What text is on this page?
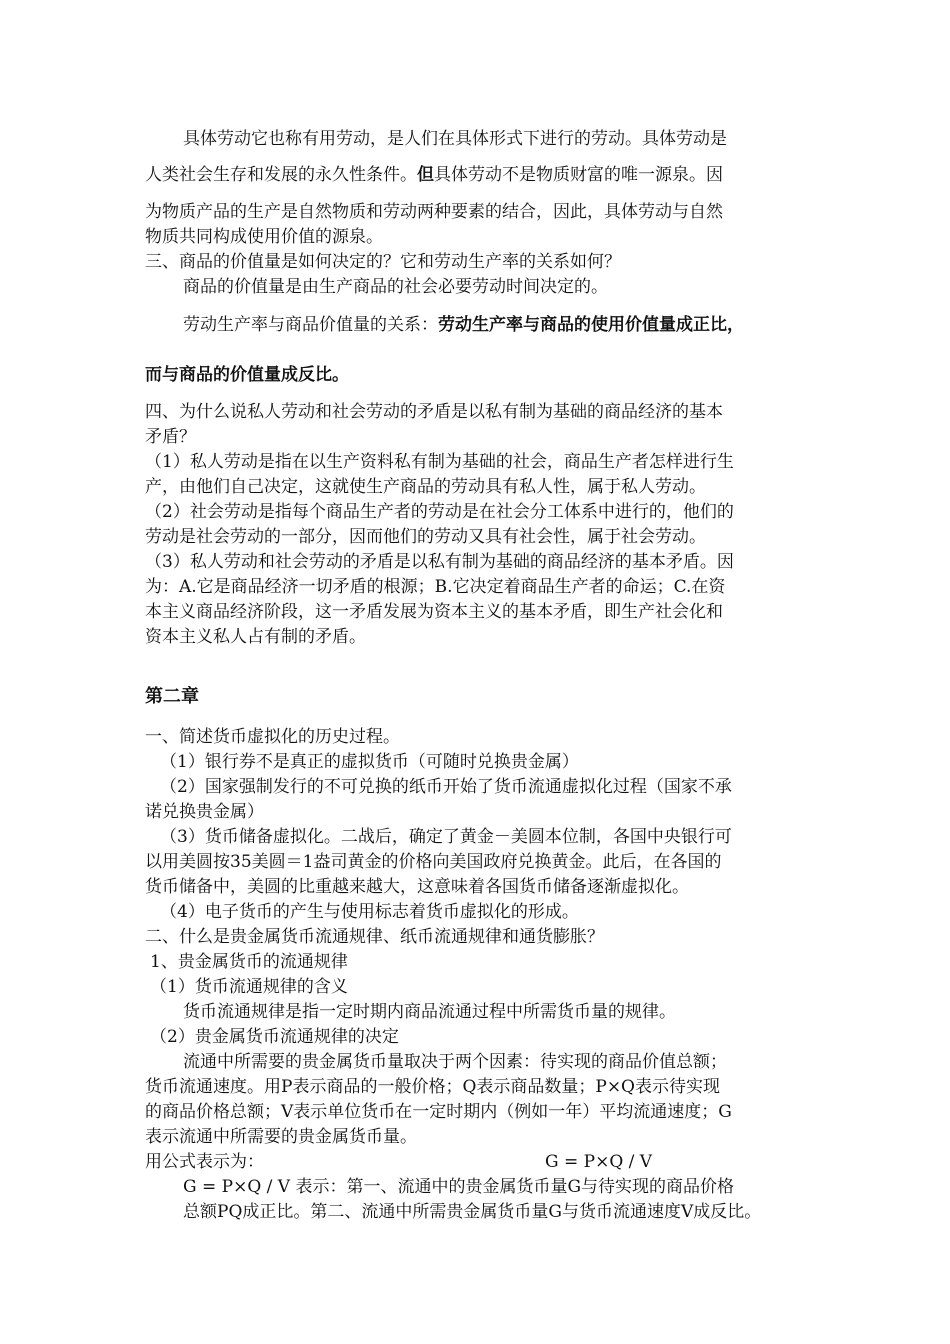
具体劳动它也称有用劳动，是人们在具体形式下进行的劳动。具体劳动是

人类社会生存和发展的永久性条件。但具体劳动不是物质财富的唯一源泉。因

为物质产品的生产是自然物质和劳动两种要素的结合，因此，具体劳动与自然

物质共同构成使用价值的源泉。

三、商品的价值量是如何决定的？它和劳动生产率的关系如何？

商品的价值量是由生产商品的社会必要劳动时间决定的。

劳动生产率与商品价值量的关系：劳动生产率与商品的使用价值量成正比，

而与商品的价值量成反比。

四、为什么说私人劳动和社会劳动的矛盾是以私有制为基础的商品经济的基本

矛盾？

（1）私人劳动是指在以生产资料私有制为基础的社会，商品生产者怎样进行生

产，由他们自己决定，这就使生产商品的劳动具有私人性，属于私人劳动。

（2）社会劳动是指每个商品生产者的劳动是在社会分工体系中进行的，他们的

劳动是社会劳动的一部分，因而他们的劳动又具有社会性，属于社会劳动。

（3）私人劳动和社会劳动的矛盾是以私有制为基础的商品经济的基本矛盾。因

为：A.它是商品经济一切矛盾的根源；B.它决定着商品生产者的命运；C.在资

本主义商品经济阶段，这一矛盾发展为资本主义的基本矛盾，即生产社会化和

资本主义私人占有制的矛盾。

第二章

一、简述货币虚拟化的历史过程。

（1）银行券不是真正的虚拟货币（可随时兑换贵金属）

（2）国家强制发行的不可兑换的纸币开始了货币流通虚拟化过程（国家不承

诺兑换贵金属）

（3）货币储备虚拟化。二战后，确定了黄金－美圆本位制，各国中央银行可

以用美圆按35美圆＝1盎司黄金的价格向美国政府兑换黄金。此后，在各国的

货币储备中，美圆的比重越来越大，这意味着各国货币储备逐渐虚拟化。

（4）电子货币的产生与使用标志着货币虚拟化的形成。

二、什么是贵金属货币流通规律、纸币流通规律和通货膨胀？

1、贵金属货币的流通规律

（1）货币流通规律的含义

货币流通规律是指一定时期内商品流通过程中所需货币量的规律。

（2）贵金属货币流通规律的决定

流通中所需要的贵金属货币量取决于两个因素：待实现的商品价值总额；

货币流通速度。用P表示商品的一般价格；Q表示商品数量；P×Q表示待实现

的商品价格总额；V表示单位货币在一定时期内（例如一年）平均流通速度；G

表示流通中所需要的贵金属货币量。

用公式表示为：	G = P×Q / V

G = P×Q / V 表示：第一、流通中的贵金属货币量G与待实现的商品价格

总额PQ成正比。第二、流通中所需贵金属货币量G与货币流通速度V成反比。
